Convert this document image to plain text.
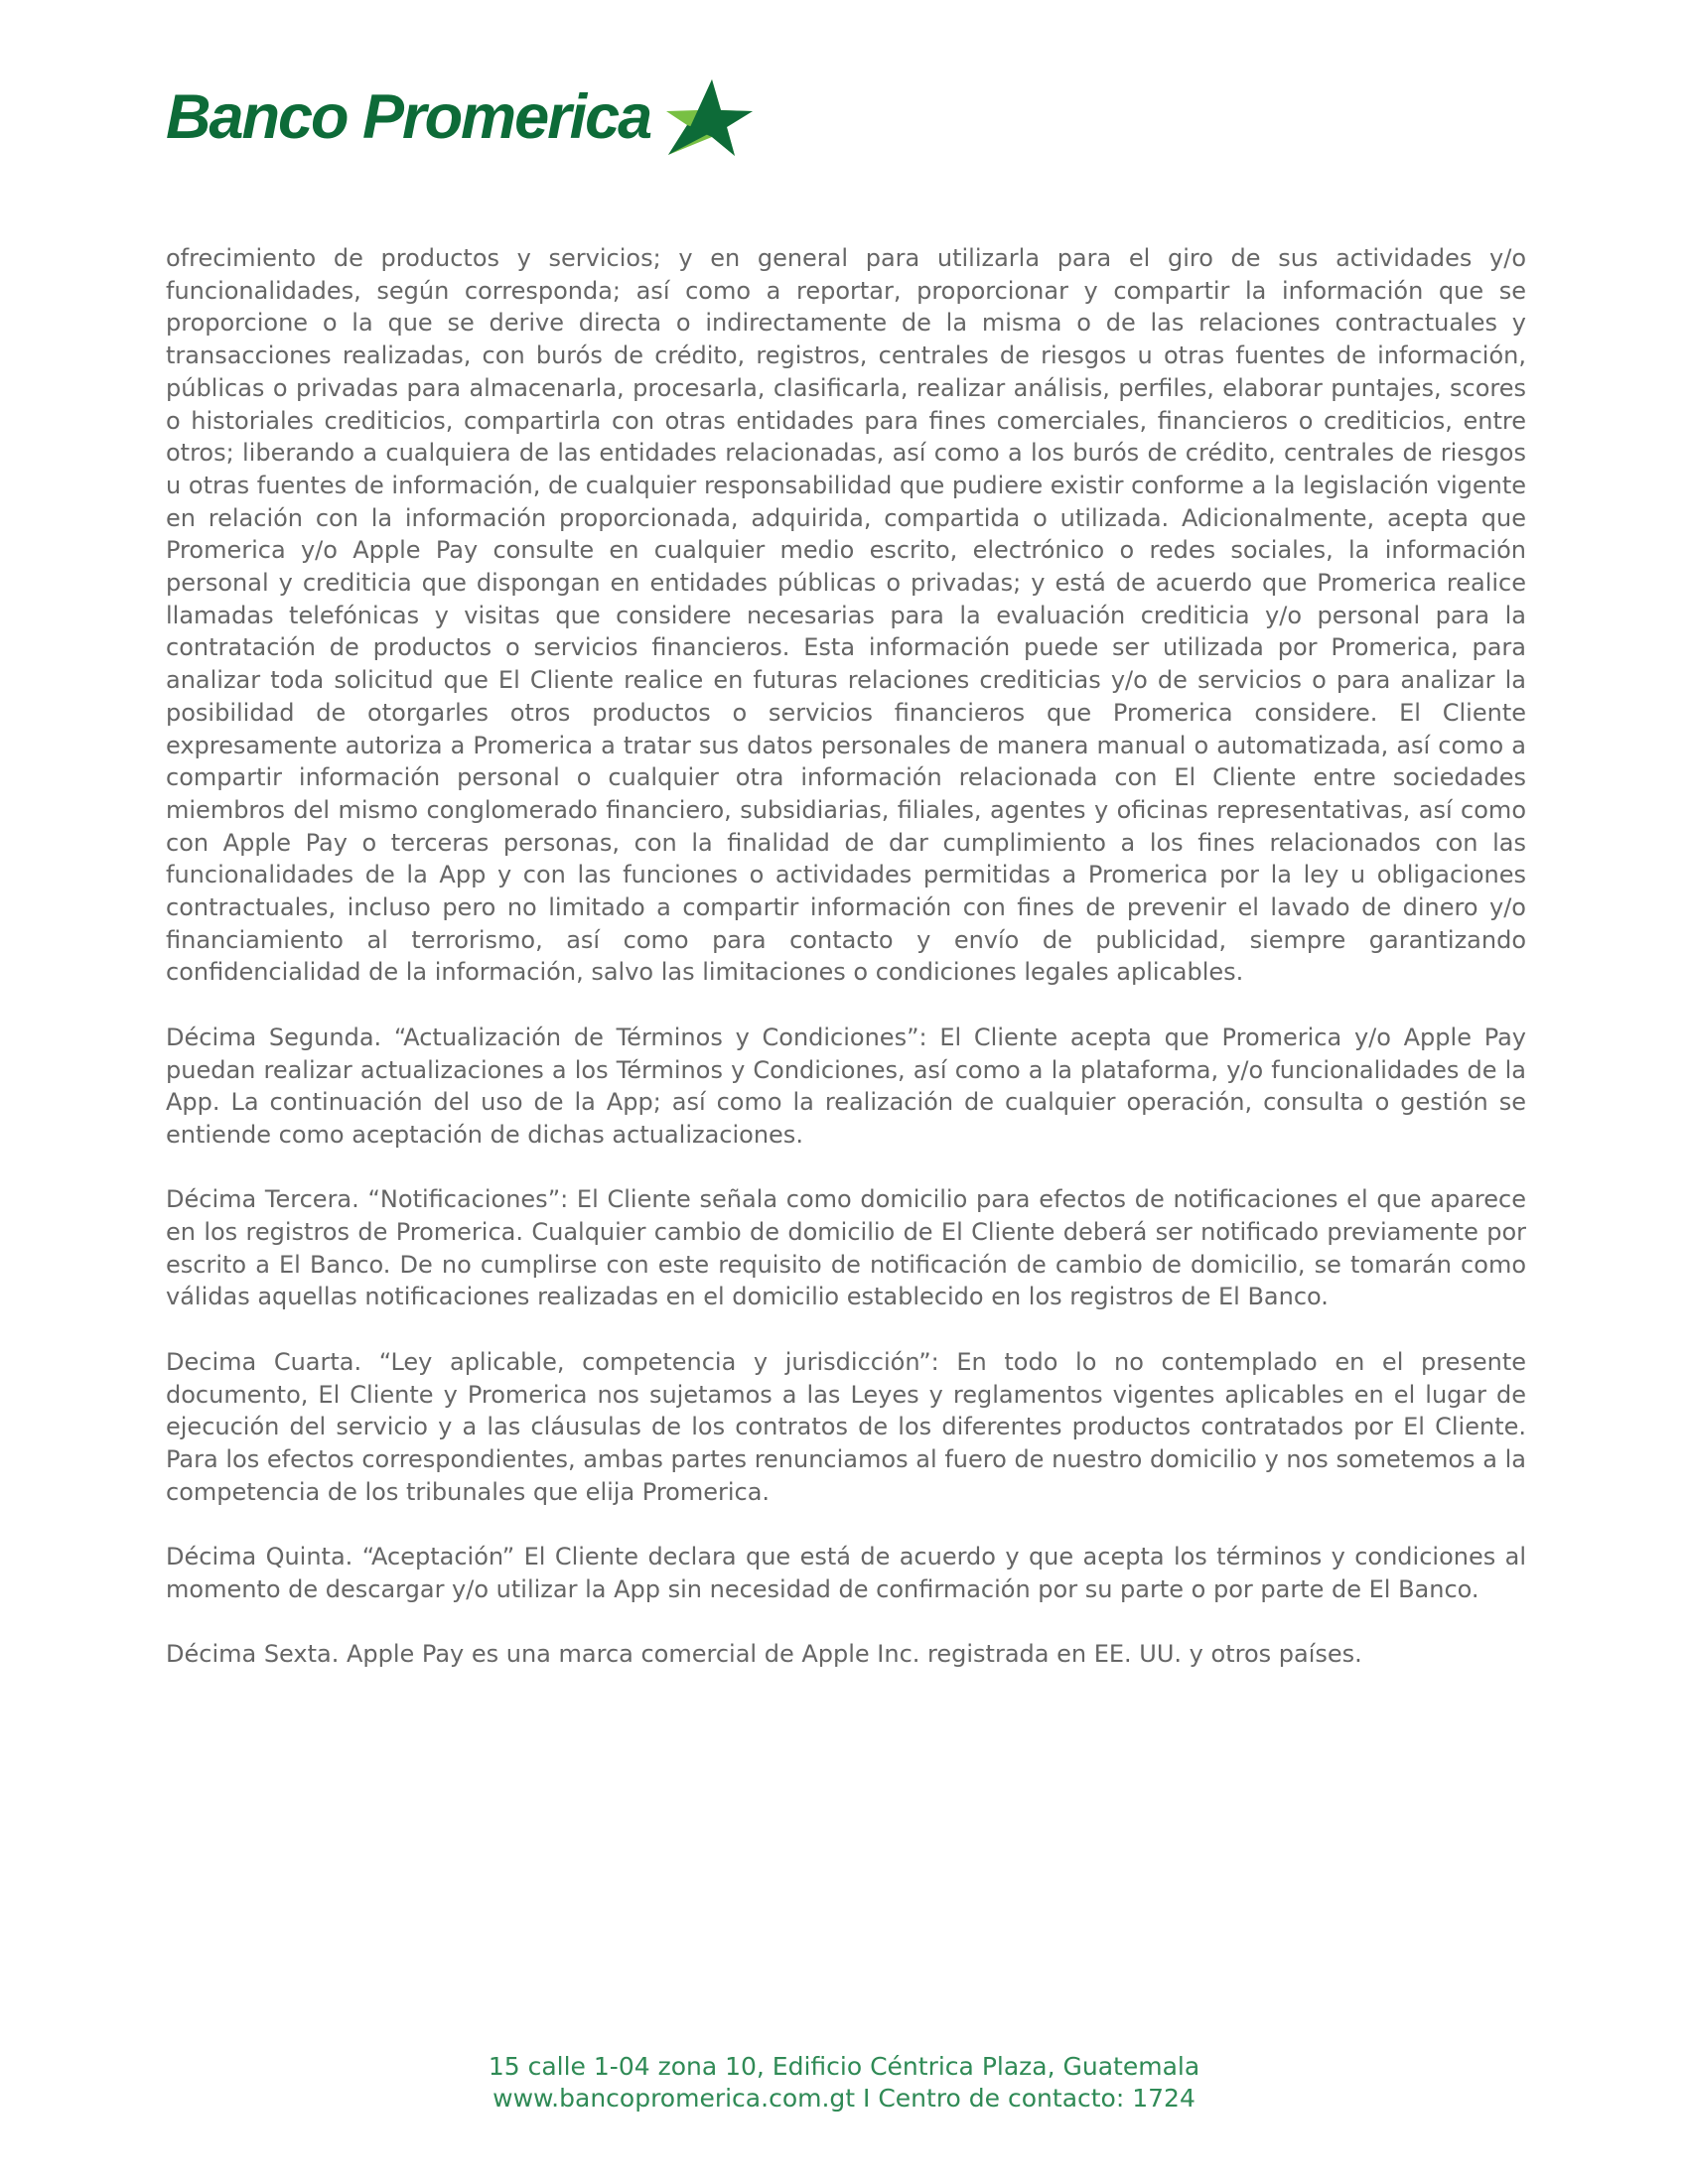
Banco Promerica

ofrecimiento de productos y servicios; y en general para utilizarla para el giro de sus actividades y/o funcionalidades, según corresponda; así como a reportar, proporcionar y compartir la información que se proporcione o la que se derive directa o indirectamente de la misma o de las relaciones contractuales y transacciones realizadas, con burós de crédito, registros, centrales de riesgos u otras fuentes de información, públicas o privadas para almacenarla, procesarla, clasificarla, realizar análisis, perfiles, elaborar puntajes, scores o historiales crediticios, compartirla con otras entidades para fines comerciales, financieros o crediticios, entre otros; liberando a cualquiera de las entidades relacionadas, así como a los burós de crédito, centrales de riesgos u otras fuentes de información, de cualquier responsabilidad que pudiere existir conforme a la legislación vigente en relación con la información proporcionada, adquirida, compartida o utilizada. Adicionalmente, acepta que Promerica y/o Apple Pay consulte en cualquier medio escrito, electrónico o redes sociales, la información personal y crediticia que dispongan en entidades públicas o privadas; y está de acuerdo que Promerica realice llamadas telefónicas y visitas que considere necesarias para la evaluación crediticia y/o personal para la contratación de productos o servicios financieros. Esta información puede ser utilizada por Promerica, para analizar toda solicitud que El Cliente realice en futuras relaciones crediticias y/o de servicios o para analizar la posibilidad de otorgarles otros productos o servicios financieros que Promerica considere. El Cliente expresamente autoriza a Promerica a tratar sus datos personales de manera manual o automatizada, así como a compartir información personal o cualquier otra información relacionada con El Cliente entre sociedades miembros del mismo conglomerado financiero, subsidiarias, filiales, agentes y oficinas representativas, así como con Apple Pay o terceras personas, con la finalidad de dar cumplimiento a los fines relacionados con las funcionalidades de la App y con las funciones o actividades permitidas a Promerica por la ley u obligaciones contractuales, incluso pero no limitado a compartir información con fines de prevenir el lavado de dinero y/o financiamiento al terrorismo, así como para contacto y envío de publicidad, siempre garantizando confidencialidad de la información, salvo las limitaciones o condiciones legales aplicables.

Décima Segunda. “Actualización de Términos y Condiciones”: El Cliente acepta que Promerica y/o Apple Pay puedan realizar actualizaciones a los Términos y Condiciones, así como a la plataforma, y/o funcionalidades de la App. La continuación del uso de la App; así como la realización de cualquier operación, consulta o gestión se entiende como aceptación de dichas actualizaciones.

Décima Tercera. “Notificaciones”: El Cliente señala como domicilio para efectos de notificaciones el que aparece en los registros de Promerica. Cualquier cambio de domicilio de El Cliente deberá ser notificado previamente por escrito a El Banco. De no cumplirse con este requisito de notificación de cambio de domicilio, se tomarán como válidas aquellas notificaciones realizadas en el domicilio establecido en los registros de El Banco.

Decima Cuarta. “Ley aplicable, competencia y jurisdicción”: En todo lo no contemplado en el presente documento, El Cliente y Promerica nos sujetamos a las Leyes y reglamentos vigentes aplicables en el lugar de ejecución del servicio y a las cláusulas de los contratos de los diferentes productos contratados por El Cliente. Para los efectos correspondientes, ambas partes renunciamos al fuero de nuestro domicilio y nos sometemos a la competencia de los tribunales que elija Promerica.

Décima Quinta. “Aceptación” El Cliente declara que está de acuerdo y que acepta los términos y condiciones al momento de descargar y/o utilizar la App sin necesidad de confirmación por su parte o por parte de El Banco.

Décima Sexta. Apple Pay es una marca comercial de Apple Inc. registrada en EE. UU. y otros países.

15 calle 1-04 zona 10, Edificio Céntrica Plaza, Guatemala
www.bancopromerica.com.gt I Centro de contacto: 1724
